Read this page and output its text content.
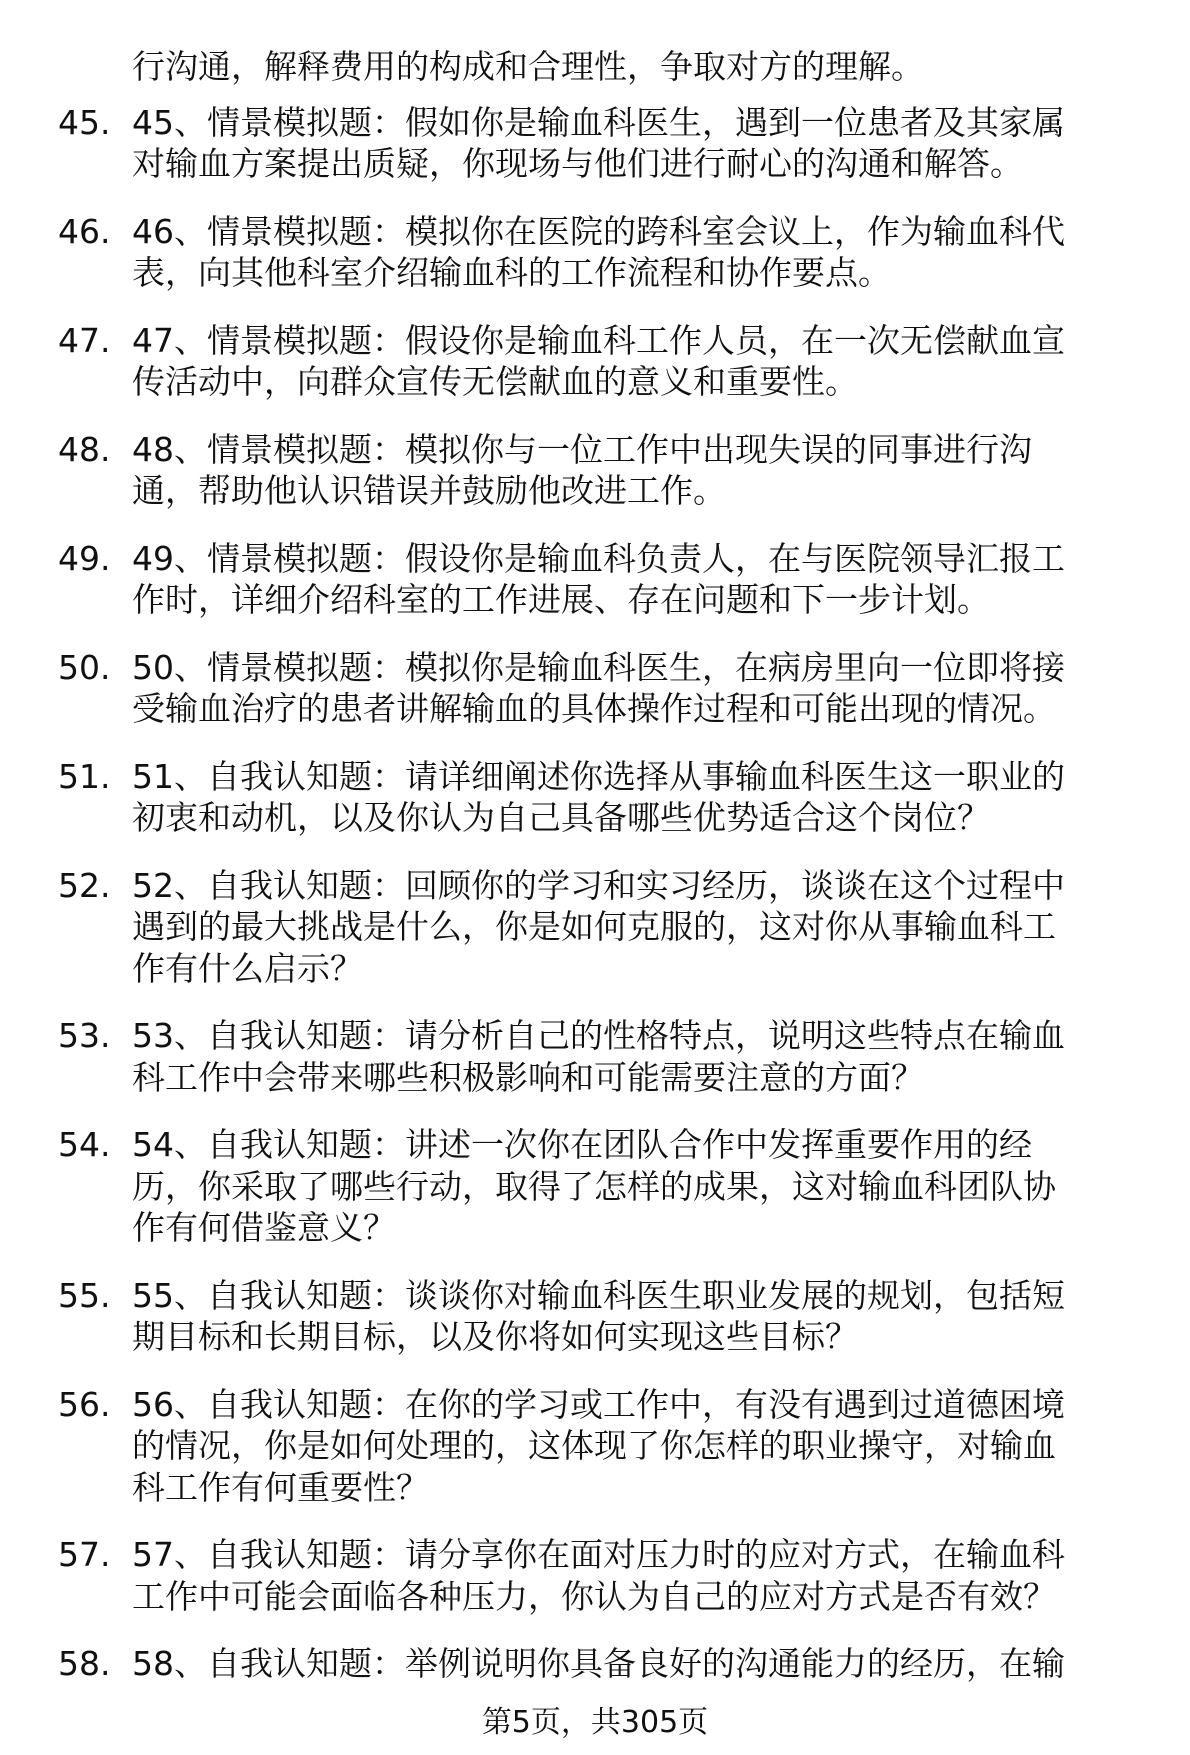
行沟通，解释费用的构成和合理性，争取对方的理解。
45. 45、情景模拟题：假如你是输血科医生，遇到一位患者及其家属
对输血方案提出质疑，你现场与他们进行耐心的沟通和解答。
46. 46、情景模拟题：模拟你在医院的跨科室会议上，作为输血科代
表，向其他科室介绍输血科的工作流程和协作要点。
47. 47、情景模拟题：假设你是输血科工作人员，在一次无偿献血宣
传活动中，向群众宣传无偿献血的意义和重要性。
48. 48、情景模拟题：模拟你与一位工作中出现失误的同事进行沟
通，帮助他认识错误并鼓励他改进工作。
49. 49、情景模拟题：假设你是输血科负责人，在与医院领导汇报工
作时，详细介绍科室的工作进展、存在问题和下一步计划。
50. 50、情景模拟题：模拟你是输血科医生，在病房里向一位即将接
受输血治疗的患者讲解输血的具体操作过程和可能出现的情况。
51. 51、自我认知题：请详细阐述你选择从事输血科医生这一职业的
初衷和动机，以及你认为自己具备哪些优势适合这个岗位？
52. 52、自我认知题：回顾你的学习和实习经历，谈谈在这个过程中
遇到的最大挑战是什么，你是如何克服的，这对你从事输血科工
作有什么启示？
53. 53、自我认知题：请分析自己的性格特点，说明这些特点在输血
科工作中会带来哪些积极影响和可能需要注意的方面？
54. 54、自我认知题：讲述一次你在团队合作中发挥重要作用的经
历，你采取了哪些行动，取得了怎样的成果，这对输血科团队协
作有何借鉴意义？
55. 55、自我认知题：谈谈你对输血科医生职业发展的规划，包括短
期目标和长期目标，以及你将如何实现这些目标？
56. 56、自我认知题：在你的学习或工作中，有没有遇到过道德困境
的情况，你是如何处理的，这体现了你怎样的职业操守，对输血
科工作有何重要性？
57. 57、自我认知题：请分享你在面对压力时的应对方式，在输血科
工作中可能会面临各种压力，你认为自己的应对方式是否有效？
58. 58、自我认知题：举例说明你具备良好的沟通能力的经历，在输
第5页，共305页
